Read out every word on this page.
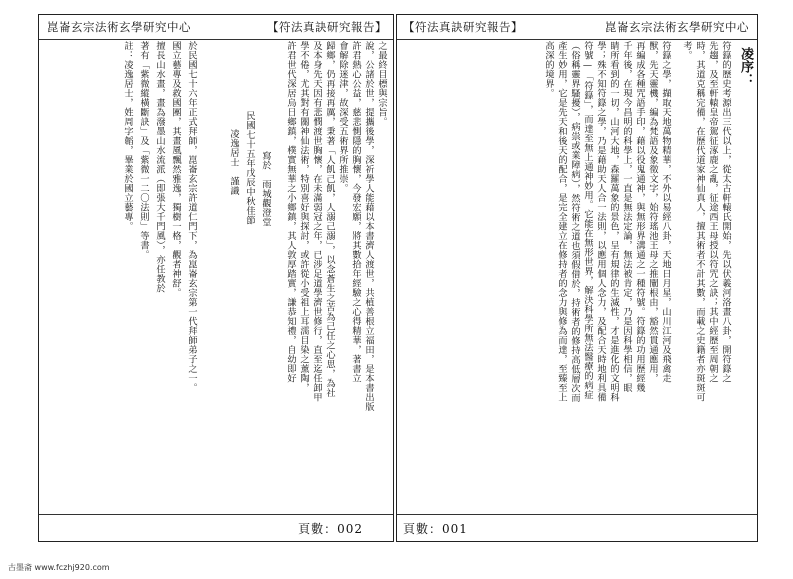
崑崙玄宗法術玄學研究中心	【符法真訣研究報告】
之最終目標與宗旨。
說，公諸於世，提攜後學，深祈學人能藉以本書濟人渡世，共植善根立福田，是本書出版
許君熱心公益，慈悲惻隱的胸懷，今發宏願，將其數拾年經驗之心得精華，著書立
會解除迷津，故深受五術界所推崇。
歸鄉，仍再接再厲，秉著「人飢己飢，人溺己溺」，以念蒼生之苦為己任之心思，為社
及本身先天因有悲憫渡世胸懷，在未滿弱冠之年，已涉足道學濟世修行，直至迄任卸甲
學不倦，尤其對有關神仙法術，特別喜好與探討，或許從小受祖上耳濡目染之薰陶，
許君世代深居烏日鄉鎮，樸實無華之小鄉鎮，其人敦厚踏實，謙恭知禮，自幼即好
寫於　雨城觀澄堂
民國七十五年戊辰中秋佳節
凌逸居士　謹識
於民國七十六年正式拜師，崑崙玄宗許道仁門下，為崑崙玄宗第一代拜師弟子之一。
國立藝專及救國團，其畫風飄然雅逸，獨樹一格，觀者神舒。
擅長山水畫，畫為潑墨山水流派（即張大千門風），亦任教於
著有「紫微縱橫斷訣」及「紫微一二〇法則」等書。
註：凌逸居士，姓周字韜，畢業於國立藝專。
頁數：002
【符法真訣研究報告】	崑崙玄宗法術玄學研究中心
凌序：
符籙的歷史考源出三代以上，從太古軒轅氏開始，先以伏羲河洛畫八卦，開符籙之
先趨，及至軒轅皇帝駕征涿鹿之亂，征途西王母授以符咒之訣；其中經歷至周朝之
時，其道克稱完備，在歷代道家神仙真人，擅其術者不計其數，而載之史籍者亦斑斑可
考。
符籙之學，擷取天地萬物精華，不外以易經八卦，天地日月星，山川江河及飛禽走
獸，先天靈機，編為梵語及象徵文字，始符瑤池王母之推闡根由，豁然貫通應用，
再編成各種咒語手印，藉以役鬼通神，與無形界溝通之一種符號。符籙的功用歷經幾
千年後，在現今昌明的科學上，一直是無法定論，無法被肯定，乃是因科學相信，眼
睛所看到的一切，山河大地，森羅萬象的景色，呈有規律的生滅性，才是進化的文明科
學；殊不知符籙之學，乃是藉助天人合一法則，以應用個人念力，及配合天時地利具備
符號—「符籙」，而達至無上通神妙用。它能在無形世界，解決科學所無法醫療的病症
（俗稱靈界騷擾），病祟或業障病），然符術之道也須假借於，持術者的修持高低層次而
產生妙用，它是先天和後天的配合，是完全建立在修持者的念力與修為而達，至臻至上
高深的境界。
頁數：001
古墨斋 www.fczhj920.com
